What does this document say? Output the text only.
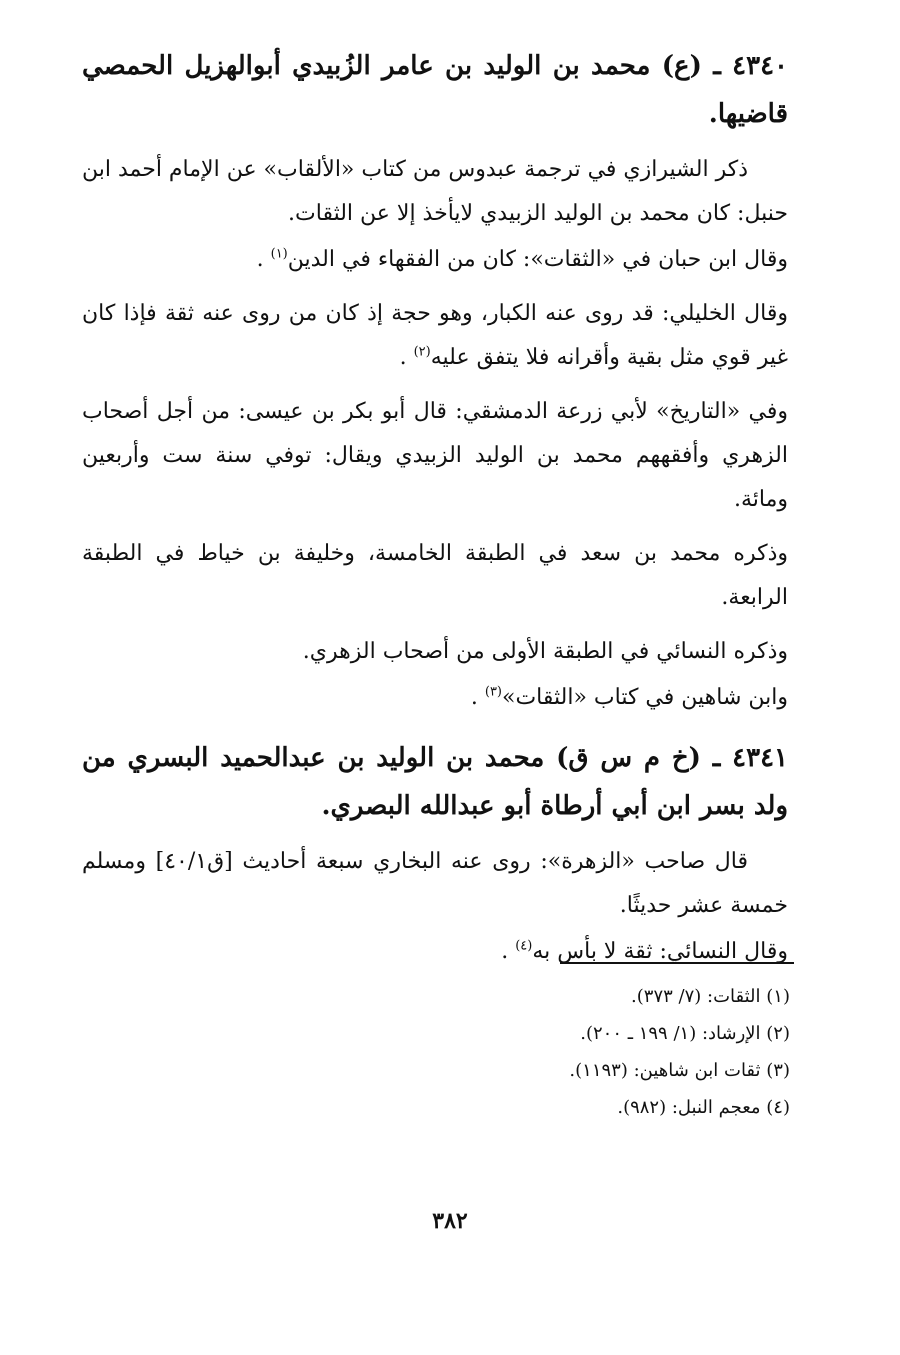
٤٣٤٠ ـ (ع) محمد بن الوليد بن عامر الزُبيدي أبوالهزيل الحمصي قاضيها.

ذكر الشيرازي في ترجمة عبدوس من كتاب «الألقاب» عن الإمام أحمد ابن حنبل: كان محمد بن الوليد الزبيدي لايأخذ إلا عن الثقات.

وقال ابن حبان في «الثقات»: كان من الفقهاء في الدين$^{(١)}$ .

وقال الخليلي: قد روى عنه الكبار، وهو حجة إذ كان من روى عنه ثقة فإذا كان غير قوي مثل بقية وأقرانه فلا يتفق عليه$^{(٢)}$ .

وفي «التاريخ» لأبي زرعة الدمشقي: قال أبو بكر بن عيسى: من أجل أصحاب الزهري وأفقههم محمد بن الوليد الزبيدي ويقال: توفي سنة ست وأربعين ومائة.

وذكره محمد بن سعد في الطبقة الخامسة، وخليفة بن خياط في الطبقة الرابعة.

وذكره النسائي في الطبقة الأولى من أصحاب الزهري.

وابن شاهين في كتاب «الثقات»$^{(٣)}$ .

٤٣٤١ ـ (خ م س ق) محمد بن الوليد بن عبدالحميد البسري من ولد بسر ابن أبي أرطاة أبو عبدالله البصري.

قال صاحب «الزهرة»: روى عنه البخاري سبعة أحاديث [ق٤٠/١] ومسلم خمسة عشر حديثًا.

وقال النسائي: ثقة لا بأس به$^{(٤)}$ .

(١) الثقات: (٧/ ٣٧٣).

(٢) الإرشاد: (١/ ١٩٩ ـ ٢٠٠).

(٣) ثقات ابن شاهين: (١١٩٣).

(٤) معجم النبل: (٩٨٢).

٣٨٢
